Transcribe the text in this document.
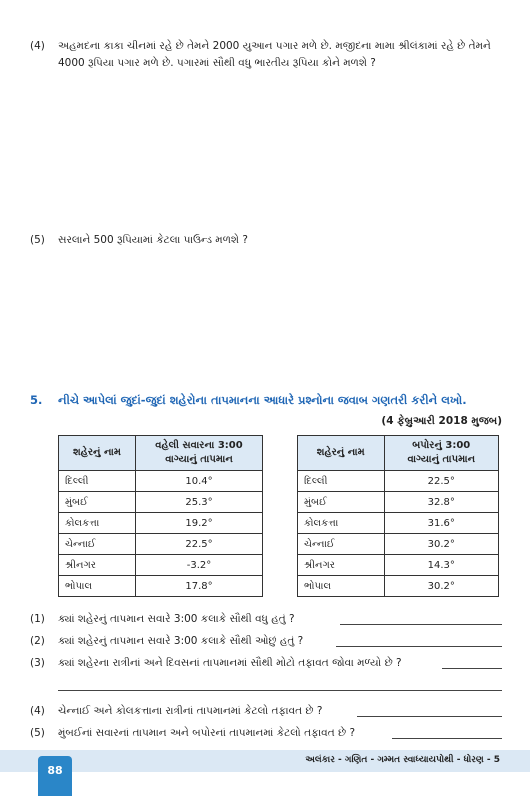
(4) અહમદના કાકા ચીનમાં રહે છે તેમને 2000 યુઆન પગાર મળે છે. મજીદના મામા શ્રીલંકામાં રહે છે તેમને 4000 રૂપિયા પગાર મળે છે. પગારમાં સૌથી વધુ ભારતીય રૂપિયા કોને મળશે ?
(5) સરલાને 500 રૂપિયામાં કેટલા પાઉન્ડ મળશે ?
5. નીચે આપેલાં જુદાં-જુદાં શહેરોના તાપમાનના આધારે પ્રશ્નોના જવાબ ગણતરી કરીને લખો.
(4 ફેબ્રુઆરી 2018 મુજબ)
શહેરનું નામ	વહેલી સવારના 3:00
વાગ્યાનું તાપમાન

દિલ્લી	10.4°
મુંબઈ	25.3°
કોલકત્તા	19.2°
ચેન્નાઈ	22.5°
શ્રીનગર	-3.2°
ભોપાલ	17.8°
શહેરનું નામ	બપોરનું 3:00
વાગ્યાનું તાપમાન

દિલ્લી	22.5°
મુંબઈ	32.8°
કોલકત્તા	31.6°
ચેન્નાઈ	30.2°
શ્રીનગર	14.3°
ભોપાલ	30.2°
(1) ક્યાં શહેરનું તાપમાન સવારે 3:00 કલાકે સૌથી વધુ હતું ?
(2) ક્યાં શહેરનું તાપમાન સવારે 3:00 કલાકે સૌથી ઓછું હતું ?
(3) ક્યાં શહેરના રાત્રીનાં અને દિવસનાં તાપમાનમાં સૌથી મોટો તફાવત જોવા મળ્યો છે ?
(4) ચેન્નાઈ અને કોલકત્તાના રાત્રીનાં તાપમાનમાં કેટલો તફાવત છે ?
(5) મુંબઈનાં સવારનાં તાપમાન અને બપોરનાં તાપમાનમાં કેટલો તફાવત છે ?
અલંકાર - ગણિત - ગમ્મત સ્વાધ્યાયપોથી - ધોરણ - 5
88
